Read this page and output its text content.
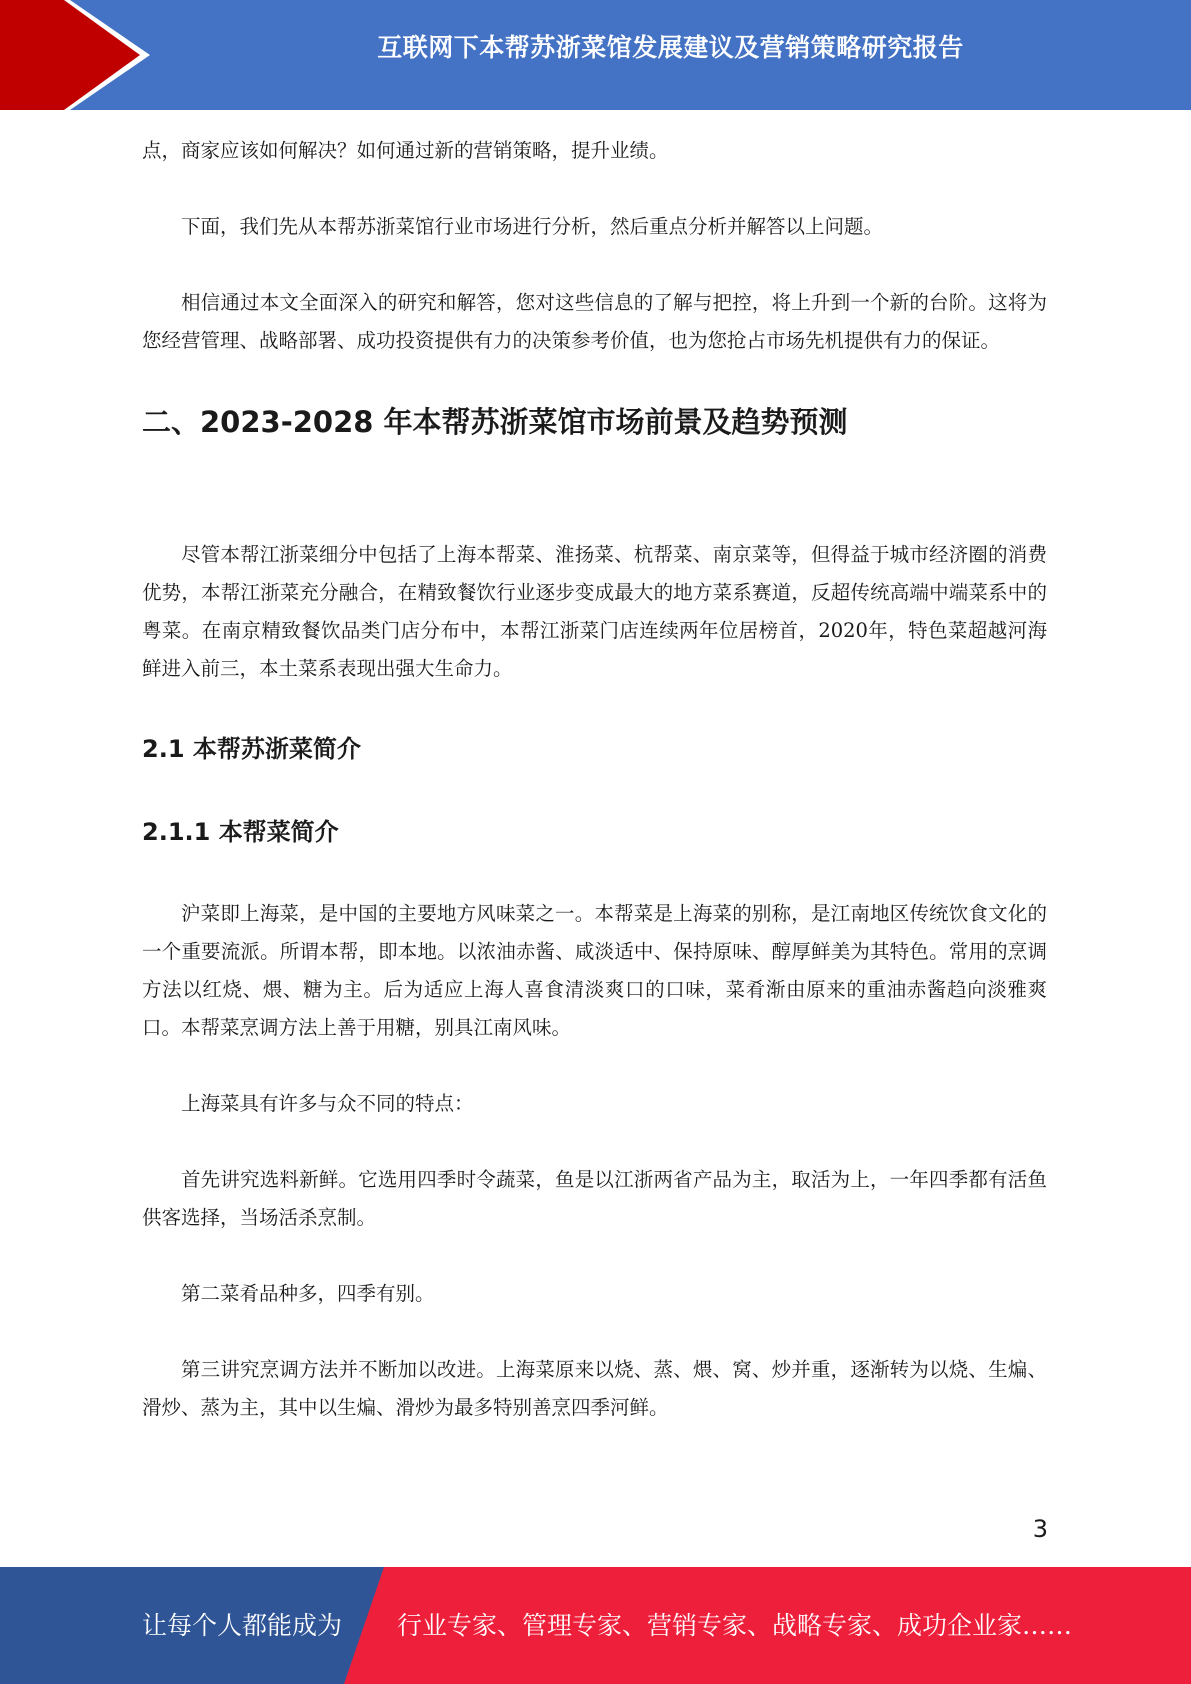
互联网下本帮苏浙菜馆发展建议及营销策略研究报告

点，商家应该如何解决？如何通过新的营销策略，提升业绩。

下面，我们先从本帮苏浙菜馆行业市场进行分析，然后重点分析并解答以上问题。

相信通过本文全面深入的研究和解答，您对这些信息的了解与把控，将上升到一个新的台阶。这将为您经营管理、战略部署、成功投资提供有力的决策参考价值，也为您抢占市场先机提供有力的保证。

二、2023-2028 年本帮苏浙菜馆市场前景及趋势预测

尽管本帮江浙菜细分中包括了上海本帮菜、淮扬菜、杭帮菜、南京菜等，但得益于城市经济圈的消费优势，本帮江浙菜充分融合，在精致餐饮行业逐步变成最大的地方菜系赛道，反超传统高端中端菜系中的粤菜。在南京精致餐饮品类门店分布中，本帮江浙菜门店连续两年位居榜首，2020年，特色菜超越河海鲜进入前三，本土菜系表现出强大生命力。

2.1 本帮苏浙菜简介
2.1.1 本帮菜简介

沪菜即上海菜，是中国的主要地方风味菜之一。本帮菜是上海菜的别称，是江南地区传统饮食文化的一个重要流派。所谓本帮，即本地。以浓油赤酱、咸淡适中、保持原味、醇厚鲜美为其特色。常用的烹调方法以红烧、煨、糖为主。后为适应上海人喜食清淡爽口的口味，菜肴渐由原来的重油赤酱趋向淡雅爽口。本帮菜烹调方法上善于用糖，别具江南风味。

上海菜具有许多与众不同的特点：

首先讲究选料新鲜。它选用四季时令蔬菜，鱼是以江浙两省产品为主，取活为上，一年四季都有活鱼供客选择，当场活杀烹制。

第二菜肴品种多，四季有别。

第三讲究烹调方法并不断加以改进。上海菜原来以烧、蒸、煨、窝、炒并重，逐渐转为以烧、生煸、滑炒、蒸为主，其中以生煸、滑炒为最多特别善烹四季河鲜。

3
让每个人都能成为 行业专家、管理专家、营销专家、战略专家、成功企业家……
